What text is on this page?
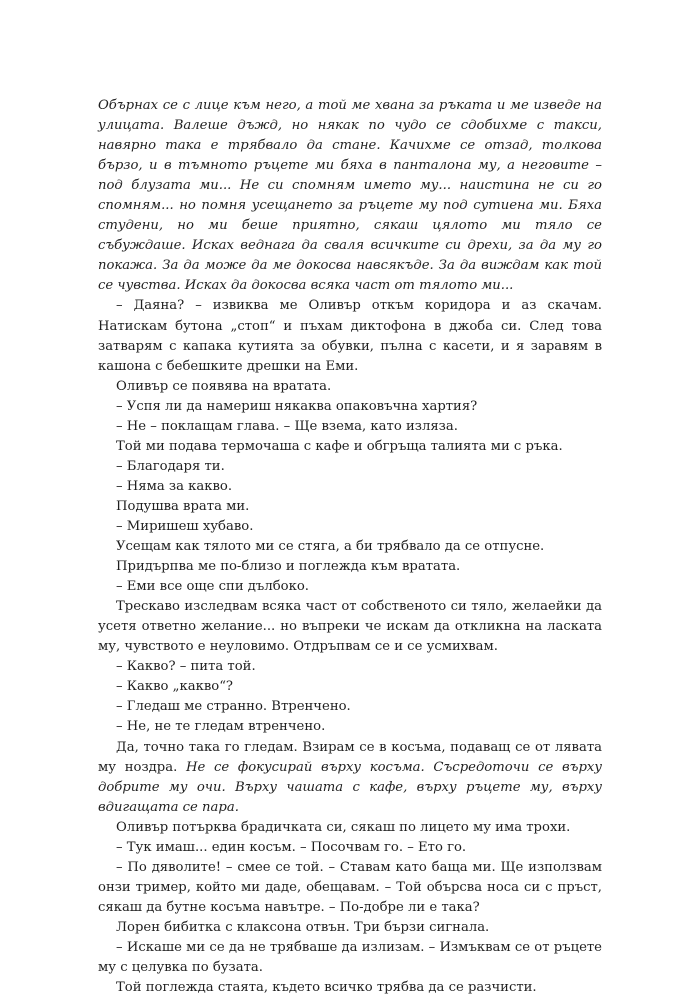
Обърнах се с лице към него, а той ме хвана за ръката и ме изведе на улицата. Валеше дъжд, но някак по чудо се сдобихме с такси, навярно така е трябвало да стане. Качихме се отзад, толкова бързо, и в тъмното ръцете ми бяха в панталона му, а неговите – под блузата ми... Не си спомням името му... наистина не си го спомням... но помня усещането за ръцете му под сутиена ми. Бяха студени, но ми беше приятно, сякаш цялото ми тяло се събуждаше. Исках веднага да сваля всичките си дрехи, за да му го покажа. За да може да ме докосва навсякъде. За да виждам как той се чувства. Исках да докосва всяка част от тялото ми...

– Даяна? – извиква ме Оливър откъм коридора и аз скачам. Натискам бутона „стоп“ и пъхам диктофона в джоба си. След това затварям с капака кутията за обувки, пълна с касети, и я заравям в кашона с бебешките дрешки на Еми.

Оливър се появява на вратата.

– Успя ли да намериш някаква опаковъчна хартия?

– Не – поклащам глава. – Ще взема, като изляза.

Той ми подава термочаша с кафе и обгръща талията ми с ръка.

– Благодаря ти.

– Няма за какво.

Подушва врата ми.

– Миришеш хубаво.

Усещам как тялото ми се стяга, а би трябвало да се отпусне.

Придърпва ме по-близо и поглежда към вратата.

– Еми все още спи дълбоко.

Трескаво изследвам всяка част от собственото си тяло, желаейки да усетя ответно желание... но въпреки че искам да откликна на ласката му, чувството е неуловимо. Отдръпвам се и се усмихвам.

– Какво? – пита той.

– Какво „какво“?

– Гледаш ме странно. Втренчено.

– Не, не те гледам втренчено.

Да, точно така го гледам. Взирам се в косъма, подаващ се от лявата му ноздра. Не се фокусирай върху косъма. Съсредоточи се върху добрите му очи. Върху чашата с кафе, върху ръцете му, върху вдигащата се пара.

Оливър потърква брадичката си, сякаш по лицето му има трохи.

– Тук имаш... един косъм. – Посочвам го. – Ето го.

– По дяволите! – смее се той. – Ставам като баща ми. Ще използвам онзи тример, който ми даде, обещавам. – Той обърсва носа си с пръст, сякаш да бутне косъма навътре. – По-добре ли е така?

Лорен бибитка с клаксона отвън. Три бързи сигнала.

– Искаше ми се да не трябваше да излизам. – Измъквам се от ръцете му с целувка по бузата.

Той поглежда стаята, където всичко трябва да се разчисти.
